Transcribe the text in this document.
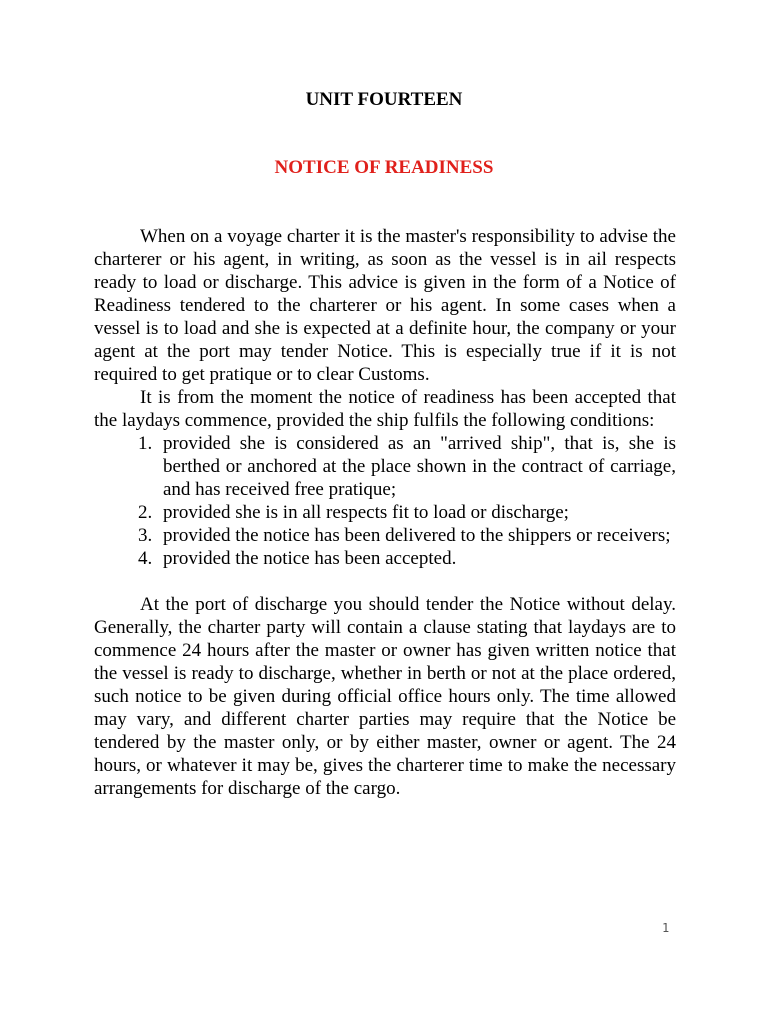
UNIT FOURTEEN
NOTICE OF READINESS

When on a voyage charter it is the master's responsibility to advise the charterer or his agent, in writing, as soon as the vessel is in ail respects ready to load or discharge. This advice is given in the form of a Notice of Readiness tendered to the charterer or his agent. In some cases when a vessel is to load and she is expected at a definite hour, the company or your agent at the port may tender Notice. This is especially true if it is not required to get pratique or to clear Customs.

It is from the moment the notice of readiness has been accepted that the laydays commence, provided the ship fulfils the following conditions:

1. provided she is considered as an "arrived ship", that is, she is berthed or anchored at the place shown in the contract of carriage, and has received free pratique;
2. provided she is in all respects fit to load or discharge;
3. provided the notice has been delivered to the shippers or receivers;
4. provided the notice has been accepted.

At the port of discharge you should tender the Notice without delay. Generally, the charter party will contain a clause stating that laydays are to commence 24 hours after the master or owner has given written notice that the vessel is ready to discharge, whether in berth or not at the place ordered, such notice to be given during official office hours only. The time allowed may vary, and different charter parties may require that the Notice be tendered by the master only, or by either master, owner or agent. The 24 hours, or whatever it may be, gives the charterer time to make the necessary arrangements for discharge of the cargo.

1
